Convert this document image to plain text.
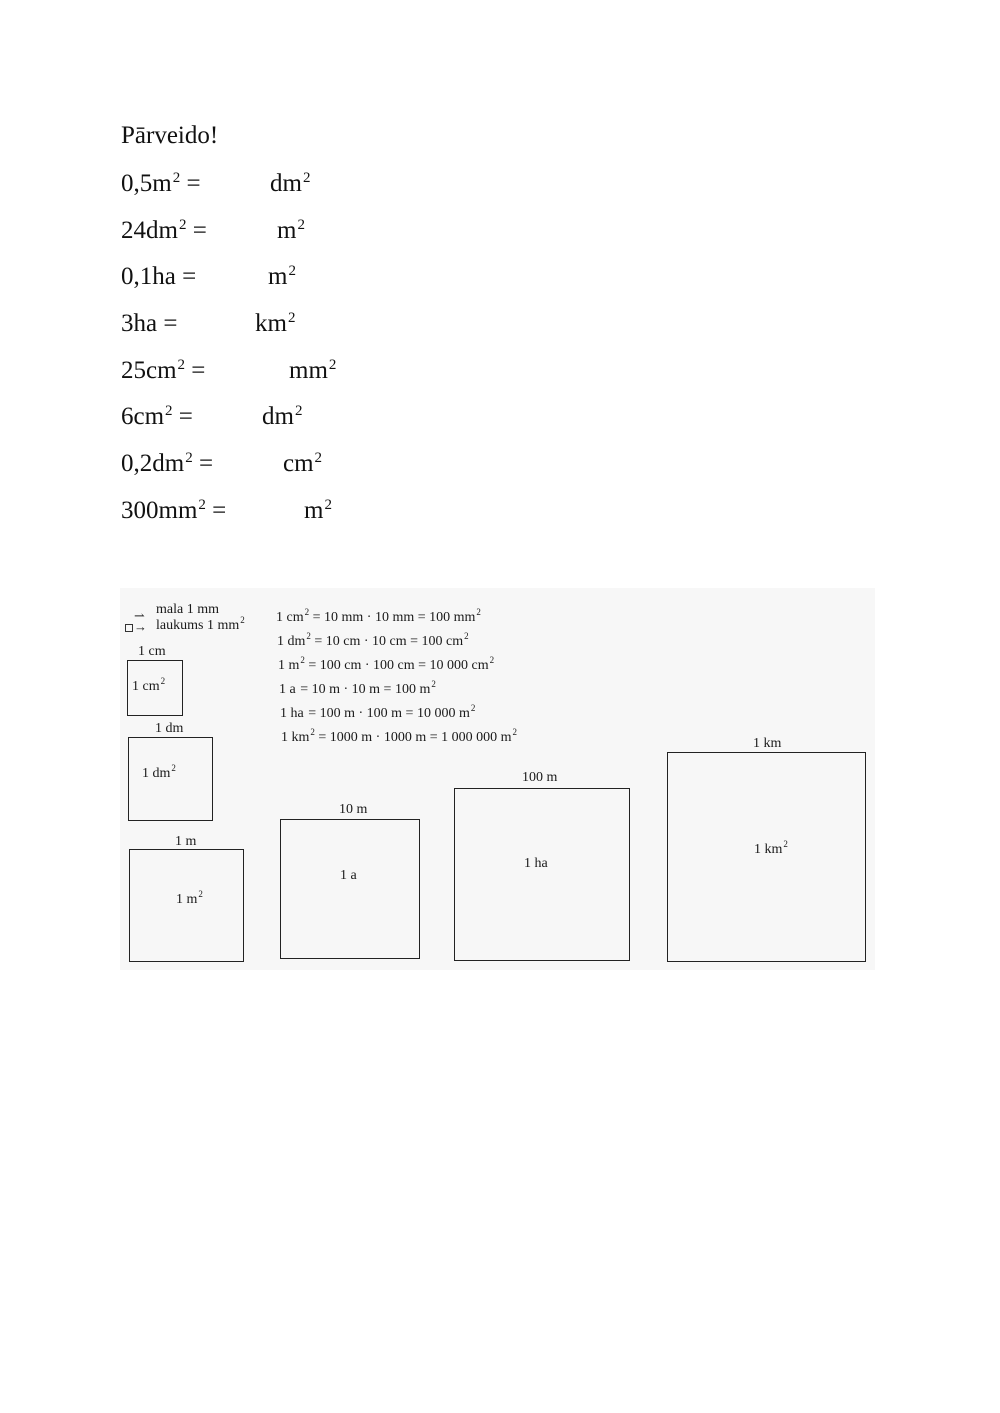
Pārveido!
$0,5m^2$ =	$dm^2$
$24dm^2$ =	$m^2$
0,1ha =	$m^2$
3ha =	$km^2$
$25cm^2$ =	$mm^2$
$6cm^2$ =	$dm^2$
$0,2dm^2$ =	$cm^2$
$300mm^2$ =	$m^2$
⇀
→
mala 1 mm
laukums 1 $mm^2$ 1 $cm^2 = 10$ mm · 10 mm = 100 $mm^2$
1 $dm^2 = 10$ cm · 10 cm = 100 $cm^2$
1 $m^2 = 100$ cm · 100 cm = 10 000 $cm^2$
1 a = 10 m · 10 m = 100 $m^2$
1 ha = 100 m · 100 m = 10 000 $m^2$
1 $km^2 = 1000$ m · 1000 m = 1 000 000 $m^2$
1 cm
1 $cm^2$
1 dm
1 $dm^2$
1 m
1 $m^2$
10 m
1 a
100 m
1 ha
1 km
1 $km^2$
